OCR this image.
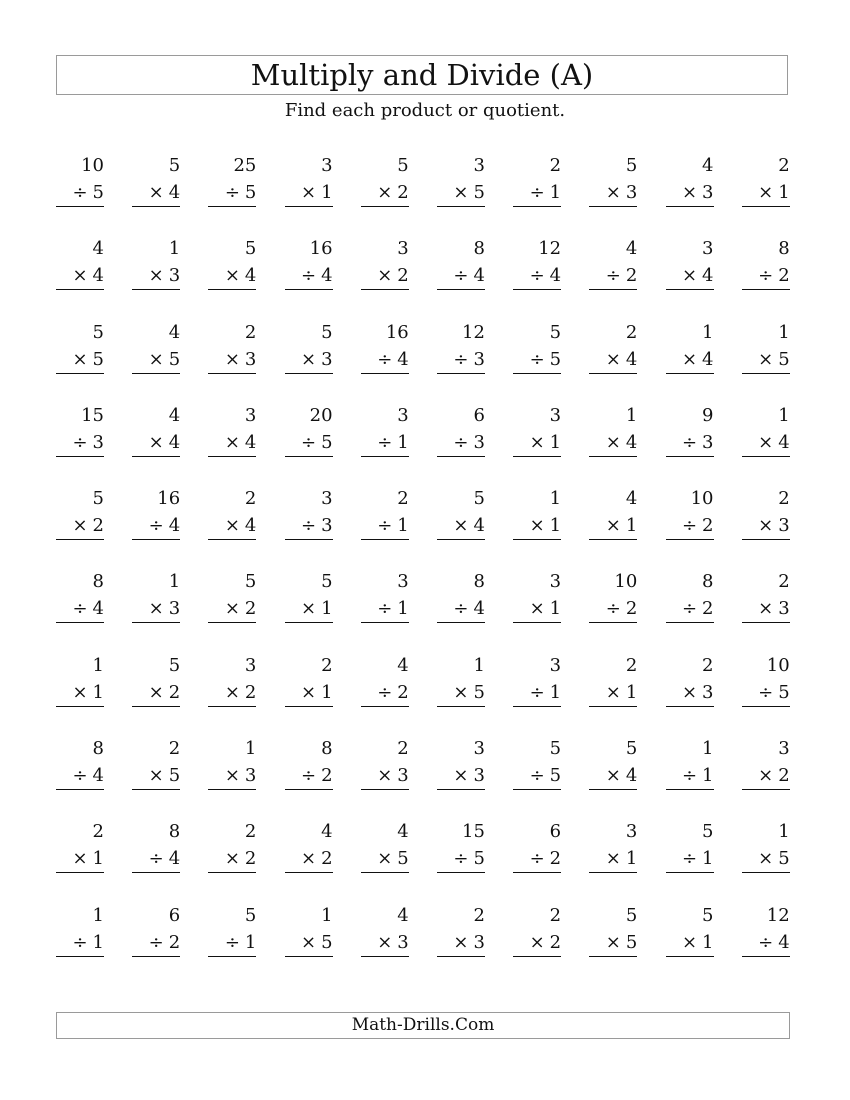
Multiply and Divide (A)

Find each product or quotient.

10
÷ 5
5
× 4
25
÷ 5
3
× 1
5
× 2
3
× 5
2
÷ 1
5
× 3
4
× 3
2
× 1
4
× 4
1
× 3
5
× 4
16
÷ 4
3
× 2
8
÷ 4
12
÷ 4
4
÷ 2
3
× 4
8
÷ 2
5
× 5
4
× 5
2
× 3
5
× 3
16
÷ 4
12
÷ 3
5
÷ 5
2
× 4
1
× 4
1
× 5
15
÷ 3
4
× 4
3
× 4
20
÷ 5
3
÷ 1
6
÷ 3
3
× 1
1
× 4
9
÷ 3
1
× 4
5
× 2
16
÷ 4
2
× 4
3
÷ 3
2
÷ 1
5
× 4
1
× 1
4
× 1
10
÷ 2
2
× 3
8
÷ 4
1
× 3
5
× 2
5
× 1
3
÷ 1
8
÷ 4
3
× 1
10
÷ 2
8
÷ 2
2
× 3
1
× 1
5
× 2
3
× 2
2
× 1
4
÷ 2
1
× 5
3
÷ 1
2
× 1
2
× 3
10
÷ 5
8
÷ 4
2
× 5
1
× 3
8
÷ 2
2
× 3
3
× 3
5
÷ 5
5
× 4
1
÷ 1
3
× 2
2
× 1
8
÷ 4
2
× 2
4
× 2
4
× 5
15
÷ 5
6
÷ 2
3
× 1
5
÷ 1
1
× 5
1
÷ 1
6
÷ 2
5
÷ 1
1
× 5
4
× 3
2
× 3
2
× 2
5
× 5
5
× 1
12
÷ 4
Math-Drills.Com
